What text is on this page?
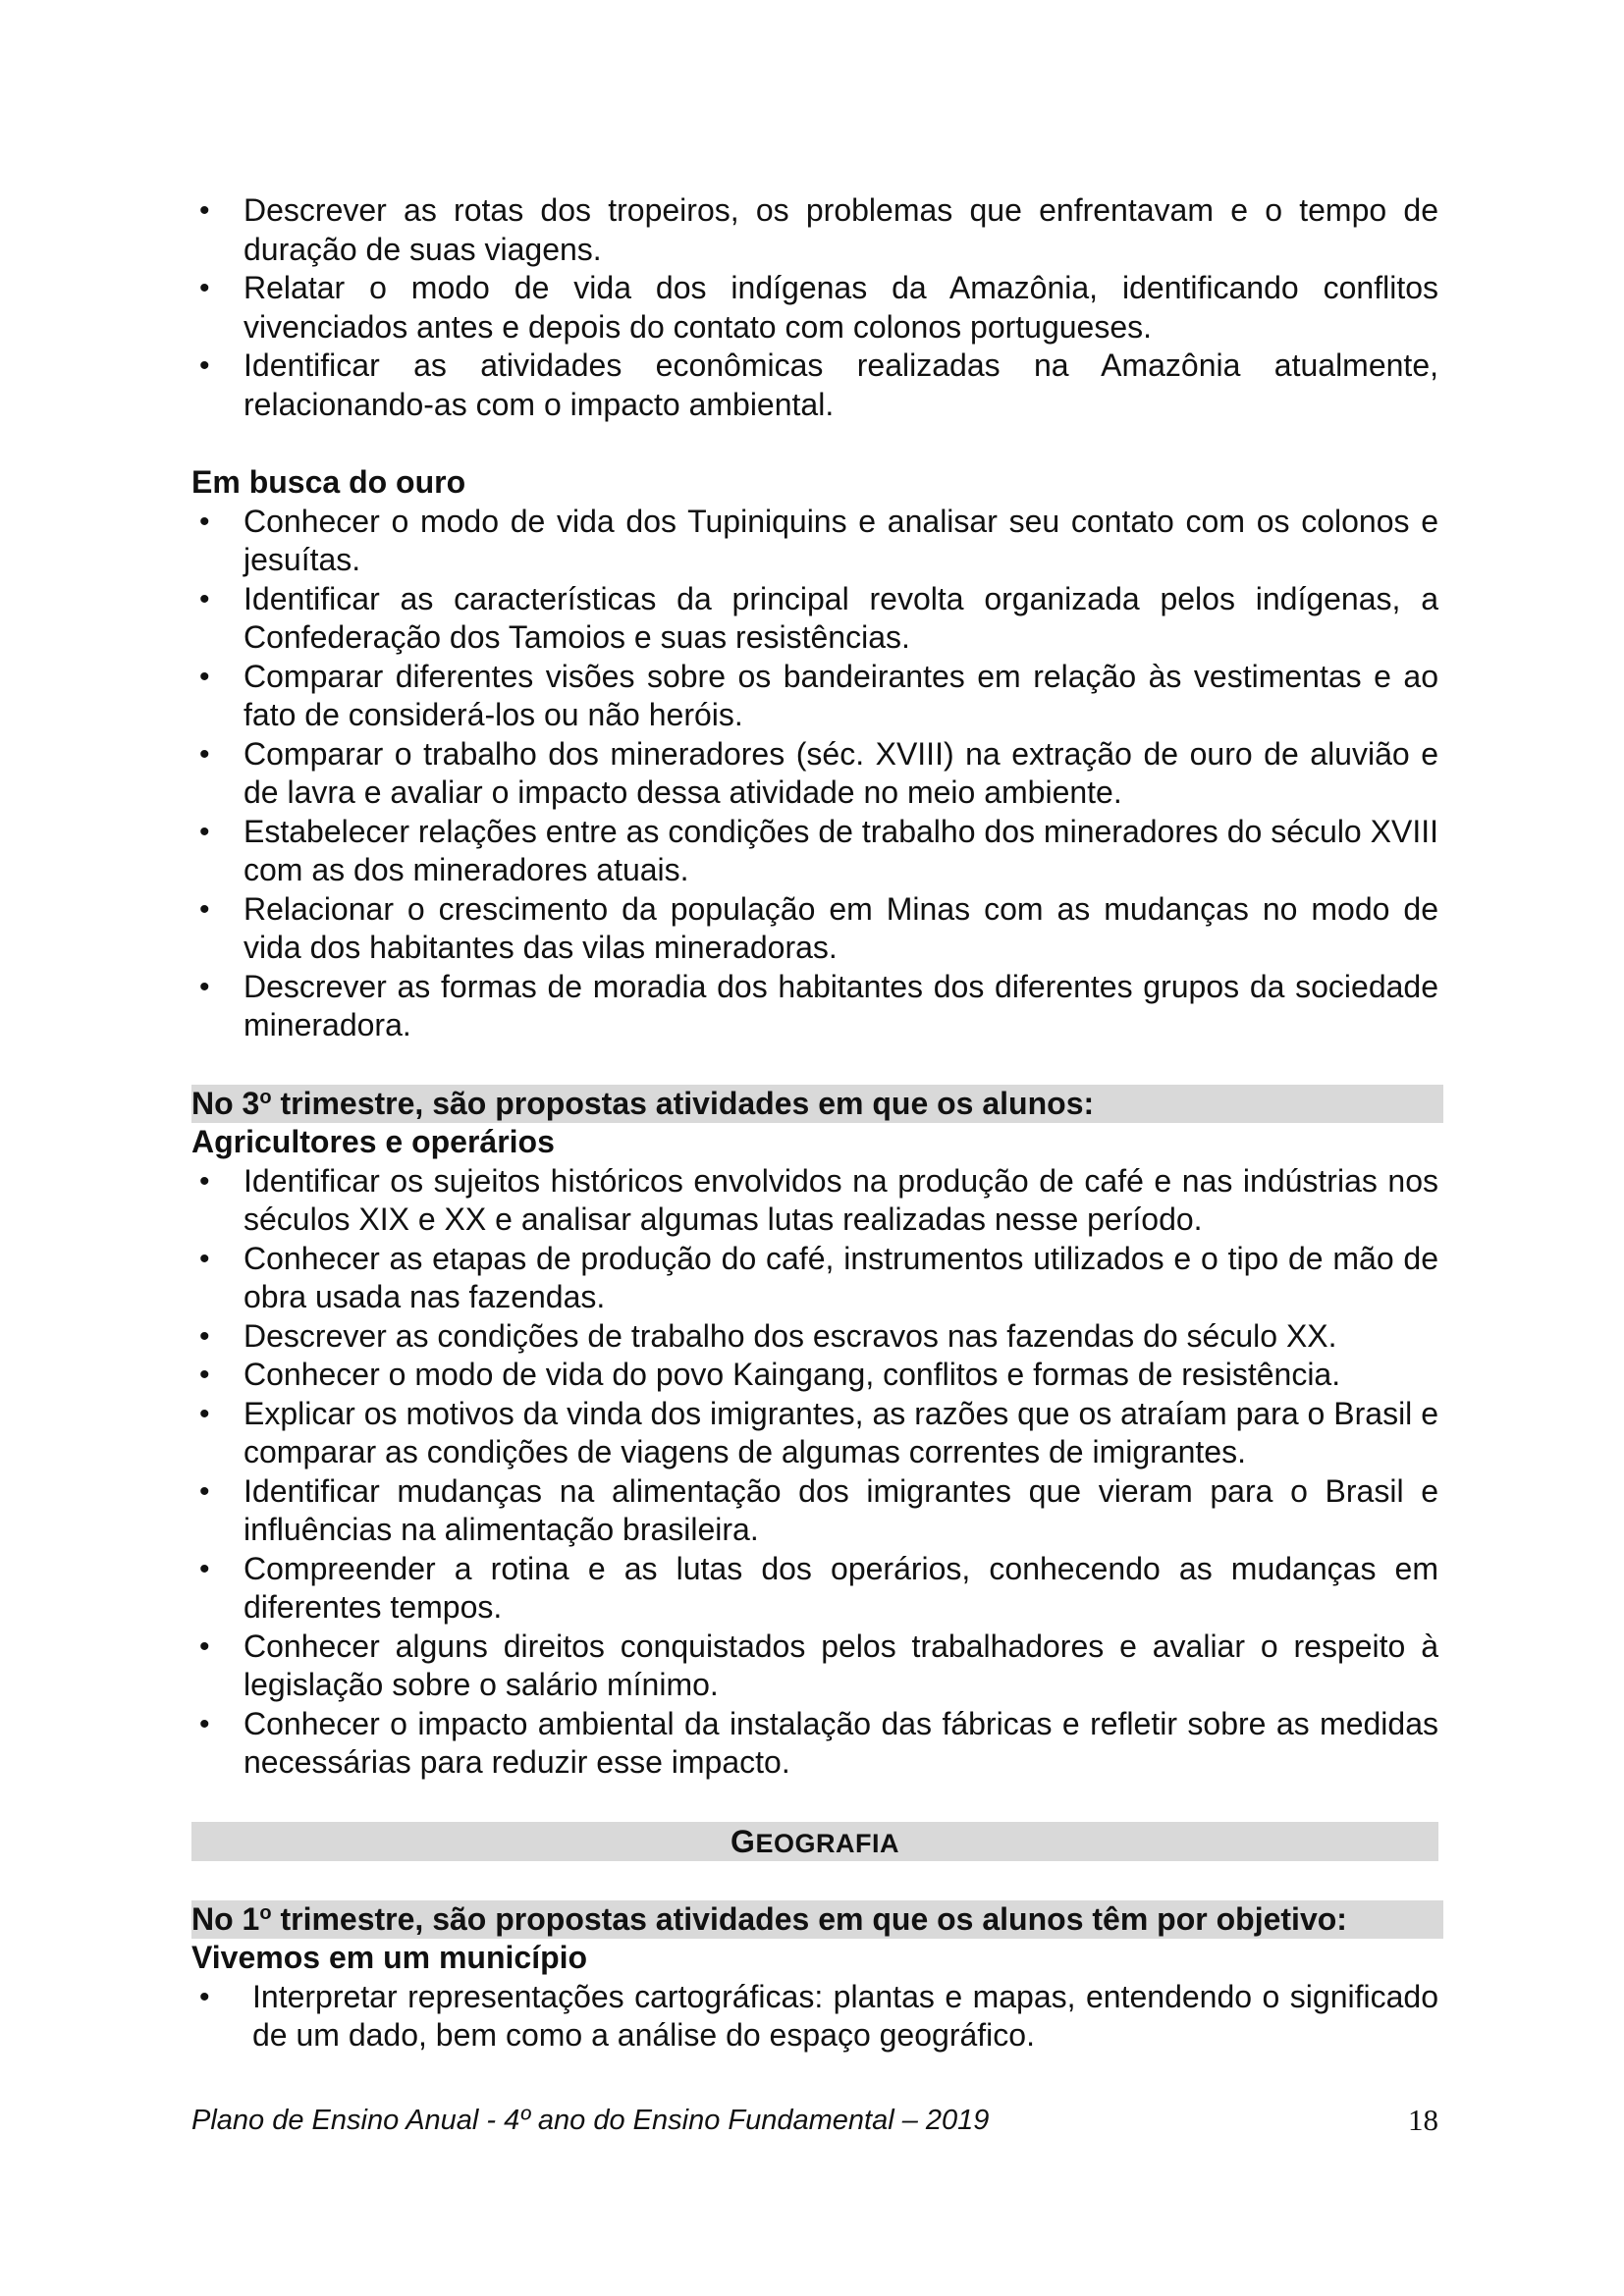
• Descrever as rotas dos tropeiros, os problemas que enfrentavam e o tempo de duração de suas viagens.
• Relatar o modo de vida dos indígenas da Amazônia, identificando conflitos vivenciados antes e depois do contato com colonos portugueses.
• Identificar as atividades econômicas realizadas na Amazônia atualmente, relacionando-as com o impacto ambiental.
Em busca do ouro
• Conhecer o modo de vida dos Tupiniquins e analisar seu contato com os colonos e jesuítas.
• Identificar as características da principal revolta organizada pelos indígenas, a Confederação dos Tamoios e suas resistências.
• Comparar diferentes visões sobre os bandeirantes em relação às vestimentas e ao fato de considerá-los ou não heróis.
• Comparar o trabalho dos mineradores (séc. XVIII) na extração de ouro de aluvião e de lavra e avaliar o impacto dessa atividade no meio ambiente.
• Estabelecer relações entre as condições de trabalho dos mineradores do século XVIII com as dos mineradores atuais.
• Relacionar o crescimento da população em Minas com as mudanças no modo de vida dos habitantes das vilas mineradoras.
• Descrever as formas de moradia dos habitantes dos diferentes grupos da sociedade mineradora.
No 3$^o$ trimestre, são propostas atividades em que os alunos:
Agricultores e operários
• Identificar os sujeitos históricos envolvidos na produção de café e nas indústrias nos séculos XIX e XX e analisar algumas lutas realizadas nesse período.
• Conhecer as etapas de produção do café, instrumentos utilizados e o tipo de mão de obra usada nas fazendas.
• Descrever as condições de trabalho dos escravos nas fazendas do século XX.
• Conhecer o modo de vida do povo Kaingang, conflitos e formas de resistência.
• Explicar os motivos da vinda dos imigrantes, as razões que os atraíam para o Brasil e comparar as condições de viagens de algumas correntes de imigrantes.
• Identificar mudanças na alimentação dos imigrantes que vieram para o Brasil e influências na alimentação brasileira.
• Compreender a rotina e as lutas dos operários, conhecendo as mudanças em diferentes tempos.
• Conhecer alguns direitos conquistados pelos trabalhadores e avaliar o respeito à legislação sobre o salário mínimo.
• Conhecer o impacto ambiental da instalação das fábricas e refletir sobre as medidas necessárias para reduzir esse impacto.
GEOGRAFIA
No 1$^o$ trimestre, são propostas atividades em que os alunos têm por objetivo:
Vivemos em um município
• Interpretar representações cartográficas: plantas e mapas, entendendo o significado de um dado, bem como a análise do espaço geográfico.
Plano de Ensino Anual - 4º ano do Ensino Fundamental – 2019	18
